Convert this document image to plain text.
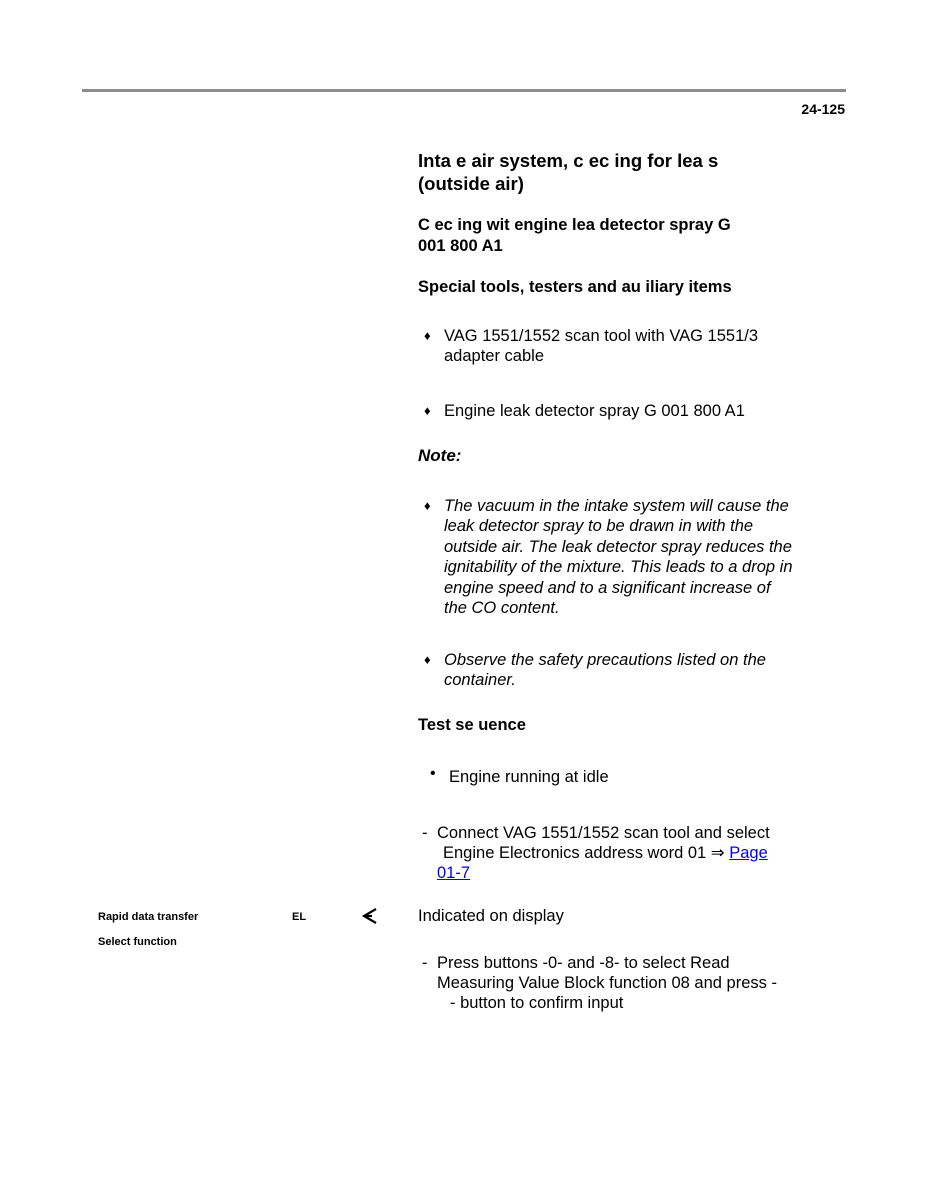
24-125
Inta e air system, c ec ing for lea s
(outside air)
C ec ing wit engine lea detector spray G
001 800 A1
Special tools, testers and au iliary items
♦ VAG 1551/1552 scan tool with VAG 1551/3
adapter cable
♦ Engine leak detector spray G 001 800 A1
Note:
♦ The vacuum in the intake system will cause the
leak detector spray to be drawn in with the
outside air. The leak detector spray reduces the
ignitability of the mixture. This leads to a drop in
engine speed and to a significant increase of
the CO content.
♦ Observe the safety precautions listed on the
container.
Test se uence
• Engine running at idle
- Connect VAG 1551/1552 scan tool and select
Engine Electronics address word 01 ⇒ Page
01-7
Rapid data transfer	EL
Select function
Indicated on display
- Press buttons -0- and -8- to select Read
Measuring Value Block function 08 and press -
- button to confirm input
